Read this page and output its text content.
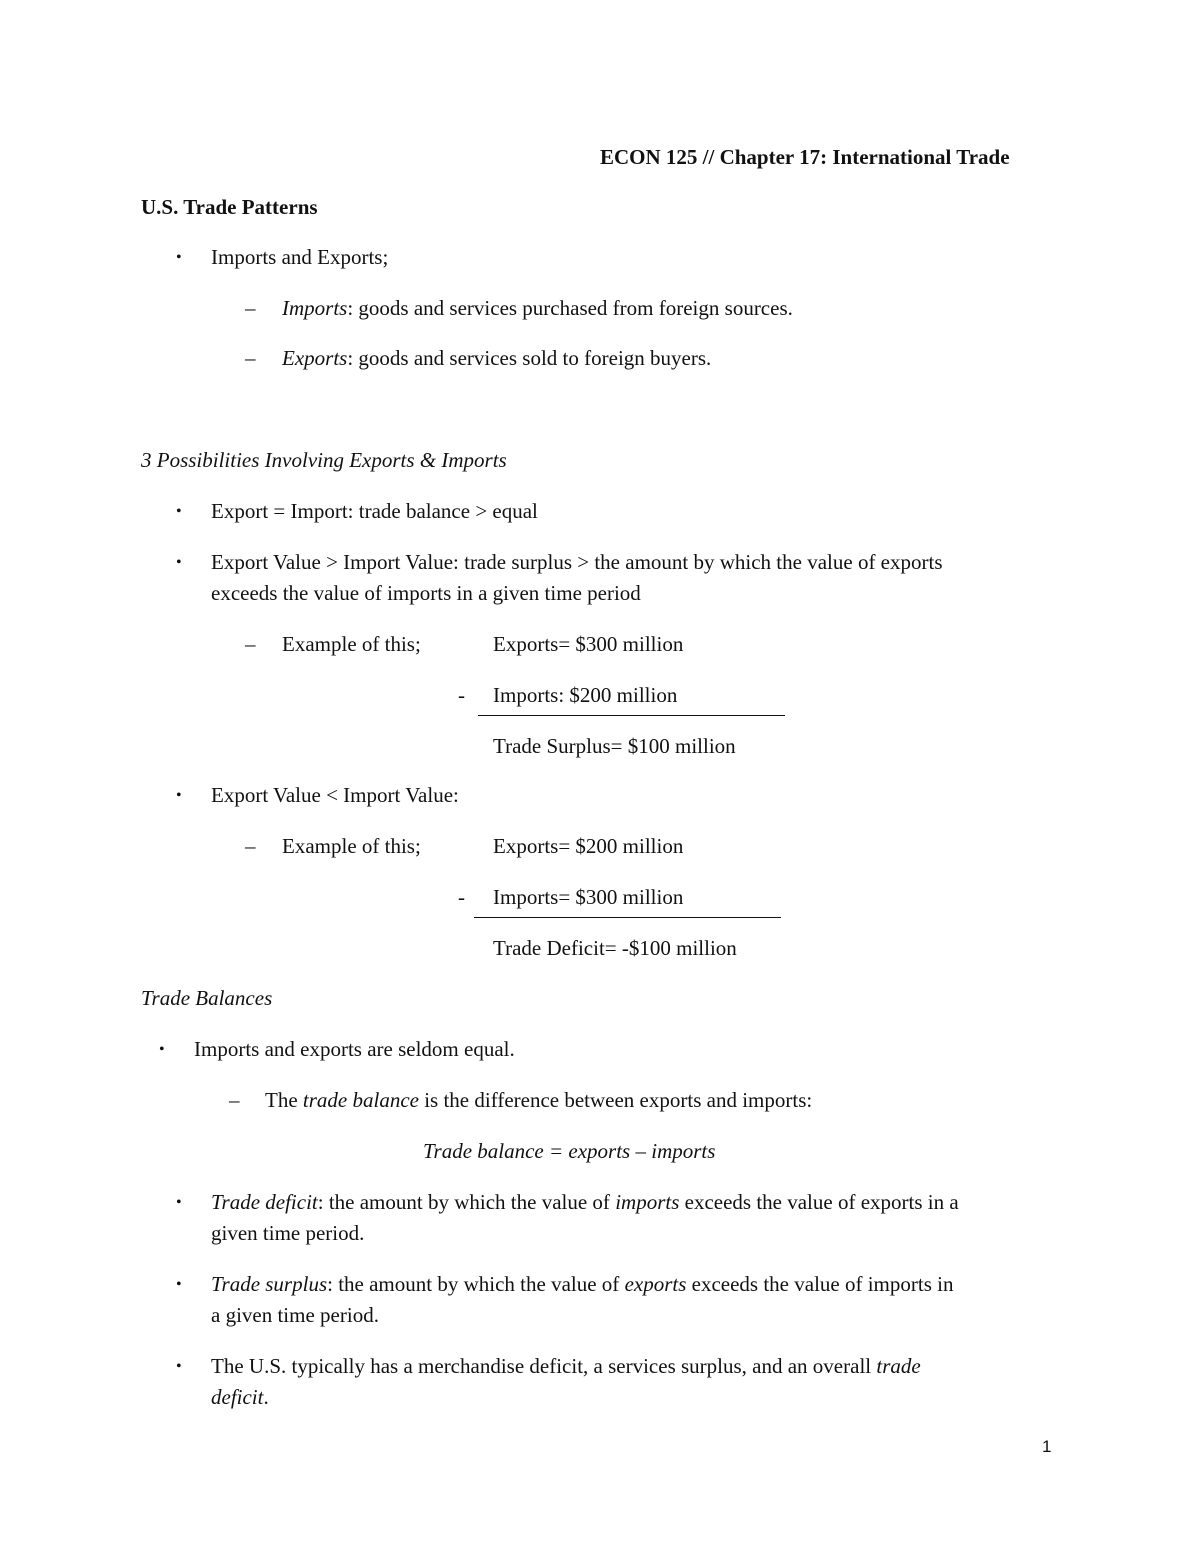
ECON 125 // Chapter 17: International Trade
U.S. Trade Patterns
• Imports and Exports;
– Imports: goods and services purchased from foreign sources.
– Exports: goods and services sold to foreign buyers.
3 Possibilities Involving Exports & Imports
• Export = Import: trade balance > equal
• Export Value > Import Value: trade surplus > the amount by which the value of exports
exceeds the value of imports in a given time period
– Example of this;	Exports= $300 million
- Imports: $200 million
Trade Surplus= $100 million
• Export Value < Import Value:
– Example of this;	Exports= $200 million
- Imports= $300 million
Trade Deficit= -$100 million
Trade Balances
• Imports and exports are seldom equal.
– The trade balance is the difference between exports and imports:
Trade balance = exports – imports
• Trade deficit: the amount by which the value of imports exceeds the value of exports in a
given time period.
• Trade surplus: the amount by which the value of exports exceeds the value of imports in
a given time period.
• The U.S. typically has a merchandise deficit, a services surplus, and an overall trade
deficit.
1
